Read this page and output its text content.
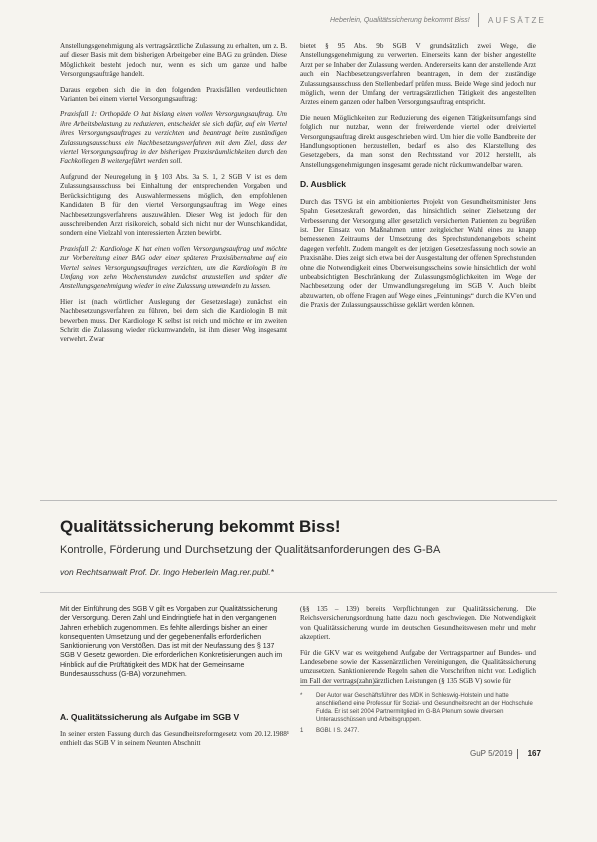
Heberlein, Qualitätssicherung bekommt Biss! AUFSÄTZE

Anstellungsgenehmigung als vertragsärztliche Zulassung zu erhalten, um z. B. auf dieser Basis mit dem bisherigen Arbeitgeber eine BAG zu gründen. Diese Möglichkeit besteht jedoch nur, wenn es sich um ganze und halbe Versorgungsaufträge handelt.

Daraus ergeben sich die in den folgenden Praxisfällen verdeutlichten Varianten bei einem viertel Versorgungsauftrag:

Praxisfall 1: Orthopäde O hat bislang einen vollen Versorgungsauftrag. Um ihre Arbeitsbelastung zu reduzieren, entscheidet sie sich dafür, auf ein Viertel ihres Versorgungsauftrages zu verzichten und beantragt beim zuständigen Zulassungsausschuss ein Nachbesetzungsverfahren mit dem Ziel, dass der viertel Versorgungsauftrag in der bisherigen Praxisräumlichkeiten durch den Fachkollegen B weitergeführt werden soll.

Aufgrund der Neuregelung in § 103 Abs. 3a S. 1, 2 SGB V ist es dem Zulassungsausschuss bei Einhaltung der entsprechenden Vorgaben und Berücksichtigung des Auswahlermessens möglich, den empfohlenen Kandidaten B für den viertel Versorgungsauftrag im Wege eines Nachbesetzungsverfahrens auszuwählen. Dieser Weg ist jedoch für den ausschreibenden Arzt risikoreich, sobald sich nicht nur der Wunschkandidat, sondern eine Vielzahl von interessierten Ärzten bewirbt.

Praxisfall 2: Kardiologe K hat einen vollen Versorgungsauftrag und möchte zur Vorbereitung einer BAG oder einer späteren Praxisübernahme auf ein Viertel seines Versorgungsauftrages verzichten, um die Kardiologin B im Umfang von zehn Wochenstunden zunächst anzustellen und später die Anstellungsgenehmigung wieder in eine Zulassung umwandeln zu lassen.

Hier ist (nach wörtlicher Auslegung der Gesetzeslage) zunächst ein Nachbesetzungsverfahren zu führen, bei dem sich die Kardiologin B mit bewerben muss. Der Kardiologe K selbst ist reich und möchte er im zweiten Schritt die Zulassung wieder rückumwandeln, ist ihm dieser Weg insgesamt verwehrt. Zwar

bietet § 95 Abs. 9b SGB V grundsätzlich zwei Wege, die Anstellungsgenehmigung zu verwerten. Einerseits kann der bisher angestellte Arzt per se Inhaber der Zulassung werden. Andererseits kann der anstellende Arzt auch ein Nachbesetzungsverfahren beantragen, in dem der zuständige Zulassungsausschuss den Stellenbedarf prüfen muss. Beide Wege sind jedoch nur möglich, wenn der Umfang der vertragsärztlichen Tätigkeit des angestellten Arztes einem ganzen oder halben Versorgungsauftrag entspricht.

Die neuen Möglichkeiten zur Reduzierung des eigenen Tätigkeitsumfangs sind folglich nur nutzbar, wenn der freiwerdende viertel oder dreiviertel Versorgungsauftrag direkt ausgeschrieben wird. Um hier die volle Bandbreite der Handlungsoptionen herzustellen, bedarf es also des Klarstellung des Gesetzgebers, da man sonst den Rechtsstand vor 2012 herstellt, als Anstellungsgenehmigungen insgesamt gerade nicht rückumwandelbar waren.

D. Ausblick

Durch das TSVG ist ein ambitioniertes Projekt von Gesundheitsminister Jens Spahn Gesetzeskraft geworden, das hinsichtlich seiner Zielsetzung der Verbesserung der Versorgung aller gesetzlich versicherten Patienten zu begrüßen ist. Der Einsatz von Maßnahmen unter zeitgleicher Wahl eines zu knapp bemessenen Zeitraums der Umsetzung des Sprechstundenangebots scheint dagegen verfehlt. Zudem mangelt es der jetzigen Gesetzesfassung noch sowie an Praxisnähe. Dies zeigt sich etwa bei der Ausgestaltung der offenen Sprechstunden ohne die Notwendigkeit eines Überweisungsscheins sowie hinsichtlich der wohl unbeabsichtigten Beschränkung der Zulassungsmöglichkeiten im Wege der Nachbesetzung oder der Umwandlungsregelung im SGB V. Auch bleibt abzuwarten, ob offene Fragen auf Wege eines „Feintunings“ durch die KV'en und die Praxis der Zulassungsausschüsse geklärt werden können.

Qualitätssicherung bekommt Biss!
Kontrolle, Förderung und Durchsetzung der Qualitätsanforderungen des G-BA
von Rechtsanwalt Prof. Dr. Ingo Heberlein Mag.rer.publ.*
Mit der Einführung des SGB V gilt es Vorgaben zur Qualitätssicherung der Versorgung. Deren Zahl und Eindringtiefe hat in den vergangenen Jahren erheblich zugenommen. Es fehlte allerdings bisher an einer konsequenten Umsetzung und der gegebenenfalls erforderlichen Sanktionierung von Verstößen. Das ist mit der Neufassung des § 137 SGB V Gesetz geworden. Die erforderlichen Konkretisierungen auch im Hinblick auf die Prüftätigkeit des MDK hat der Gemeinsame Bundesausschuss (G-BA) vorzunehmen.
A. Qualitätssicherung als Aufgabe im SGB V
In seiner ersten Fassung durch das Gesundheitsreformgesetz vom 20.12.1988¹ enthielt das SGB V in seinem Neunten Abschnitt

(§§ 135 – 139) bereits Verpflichtungen zur Qualitätssicherung. Die Reichsversicherungsordnung hatte dazu noch geschwiegen. Die Notwendigkeit von Qualitätssicherung wurde im deutschen Gesundheitswesen mehr und mehr akzeptiert.

Für die GKV war es weitgehend Aufgabe der Vertragspartner auf Bundes- und Landesebene sowie der Kassenärztlichen Vereinigungen, die Qualitätssicherung umzusetzen. Sanktionierende Regeln sahen die Vorschriften nicht vor. Lediglich im Fall der vertrags(zahn)ärztlichen Leistungen (§ 135 SGB V) sowie für

* Der Autor war Geschäftsführer des MDK in Schleswig-Holstein und hatte anschließend eine Professur für Sozial- und Gesundheitsrecht an der Hochschule Fulda. Er ist seit 2004 Partnermitglied im G-BA Plenum sowie diversen Unterausschüssen und Arbeitsgruppen.
1 BGBl. I S. 2477.
GuP 5/2019 167
